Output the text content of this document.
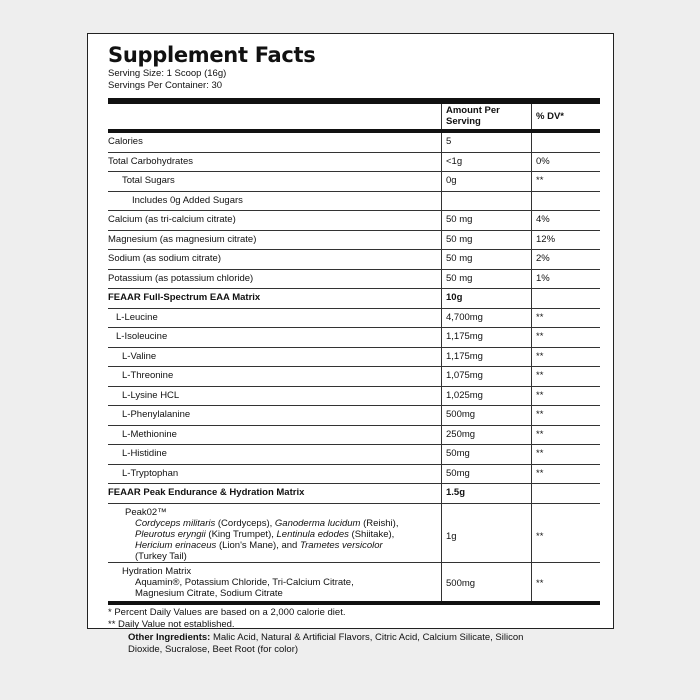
Supplement Facts
Serving Size: 1 Scoop (16g)
Servings Per Container: 30
Amount Per
Serving	% DV*
Calories	5
Total Carbohydrates	<1g	0%
Total Sugars	0g	**
Includes 0g Added Sugars
Calcium (as tri-calcium citrate)	50 mg	4%
Magnesium (as magnesium citrate)	50 mg	12%
Sodium (as sodium citrate)	50 mg	2%
Potassium (as potassium chloride)	50 mg	1%
FEAAR Full-Spectrum EAA Matrix	10g
L-Leucine	4,700mg	**
L-Isoleucine	1,175mg	**
L-Valine	1,175mg	**
L-Threonine	1,075mg	**
L-Lysine HCL	1,025mg	**
L-Phenylalanine	500mg	**
L-Methionine	250mg	**
L-Histidine	50mg	**
L-Tryptophan	50mg	**
FEAAR Peak Endurance & Hydration Matrix	1.5g
Peak02™
Cordyceps militaris (Cordyceps), Ganoderma lucidum (Reishi),
Pleurotus eryngii (King Trumpet), Lentinula edodes (Shiitake),
Hericium erinaceus (Lion's Mane), and Trametes versicolor
(Turkey Tail)
1g	**
Hydration Matrix
Aquamin®, Potassium Chloride, Tri-Calcium Citrate,
Magnesium Citrate, Sodium Citrate
500mg	**
* Percent Daily Values are based on a 2,000 calorie diet.
** Daily Value not established.
Other Ingredients: Malic Acid, Natural & Artificial Flavors, Citric Acid, Calcium Silicate, Silicon Dioxide, Sucralose, Beet Root (for color)
